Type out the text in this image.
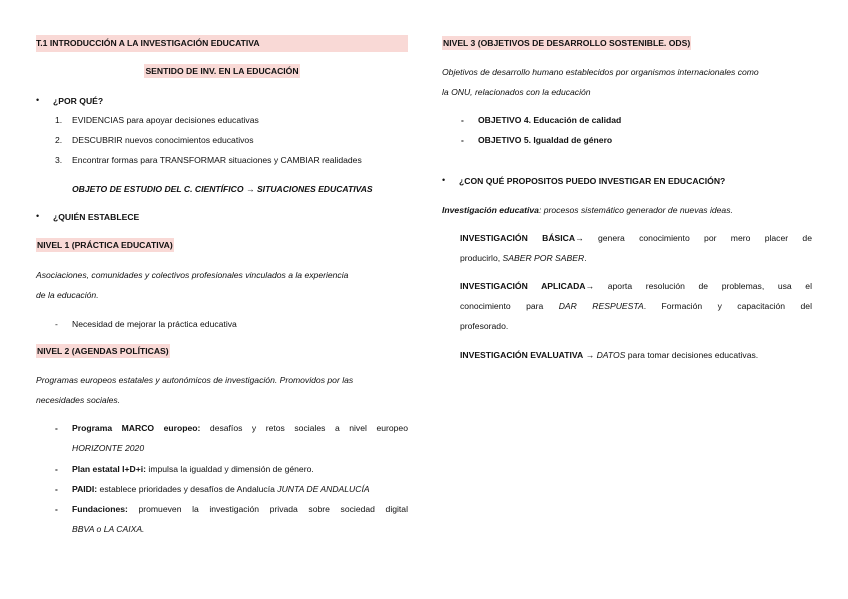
T.1 INTRODUCCIÓN A LA INVESTIGACIÓN EDUCATIVA
SENTIDO DE INV. EN LA EDUCACIÓN
• ¿POR QUÉ?
1. EVIDENCIAS para apoyar decisiones educativas
2. DESCUBRIR nuevos conocimientos educativos
3. Encontrar formas para TRANSFORMAR situaciones y CAMBIAR realidades
OBJETO DE ESTUDIO DEL C. CIENTÍFICO → SITUACIONES EDUCATIVAS
• ¿QUIÉN ESTABLECE
NIVEL 1 (PRÁCTICA EDUCATIVA)
Asociaciones, comunidades y colectivos profesionales vinculados a la experiencia
de la educación.
- Necesidad de mejorar la práctica educativa
NIVEL 2 (AGENDAS POLÍTICAS)
Programas europeos estatales y autonómicos de investigación. Promovidos por las
necesidades sociales.
- Programa MARCO europeo: desafíos y retos sociales a nivel europeo
HORIZONTE 2020
- Plan estatal I+D+i: impulsa la igualdad y dimensión de género.
- PAIDI: establece prioridades y desafíos de Andalucía JUNTA DE ANDALUCÍA
- Fundaciones: promueven la investigación privada sobre sociedad digital
BBVA o LA CAIXA.
NIVEL 3 (OBJETIVOS DE DESARROLLO SOSTENIBLE. ODS)
Objetivos de desarrollo humano establecidos por organismos internacionales como
la ONU, relacionados con la educación
- OBJETIVO 4. Educación de calidad
- OBJETIVO 5. Igualdad de género
• ¿CON QUÉ PROPOSITOS PUEDO INVESTIGAR EN EDUCACIÓN?
Investigación educativa: procesos sistemático generador de nuevas ideas.
INVESTIGACIÓN BÁSICA→ genera conocimiento por mero placer de
producirlo, SABER POR SABER.
INVESTIGACIÓN APLICADA→ aporta resolución de problemas, usa el
conocimiento para DAR RESPUESTA. Formación y capacitación del
profesorado.
INVESTIGACIÓN EVALUATIVA → DATOS para tomar decisiones educativas.
